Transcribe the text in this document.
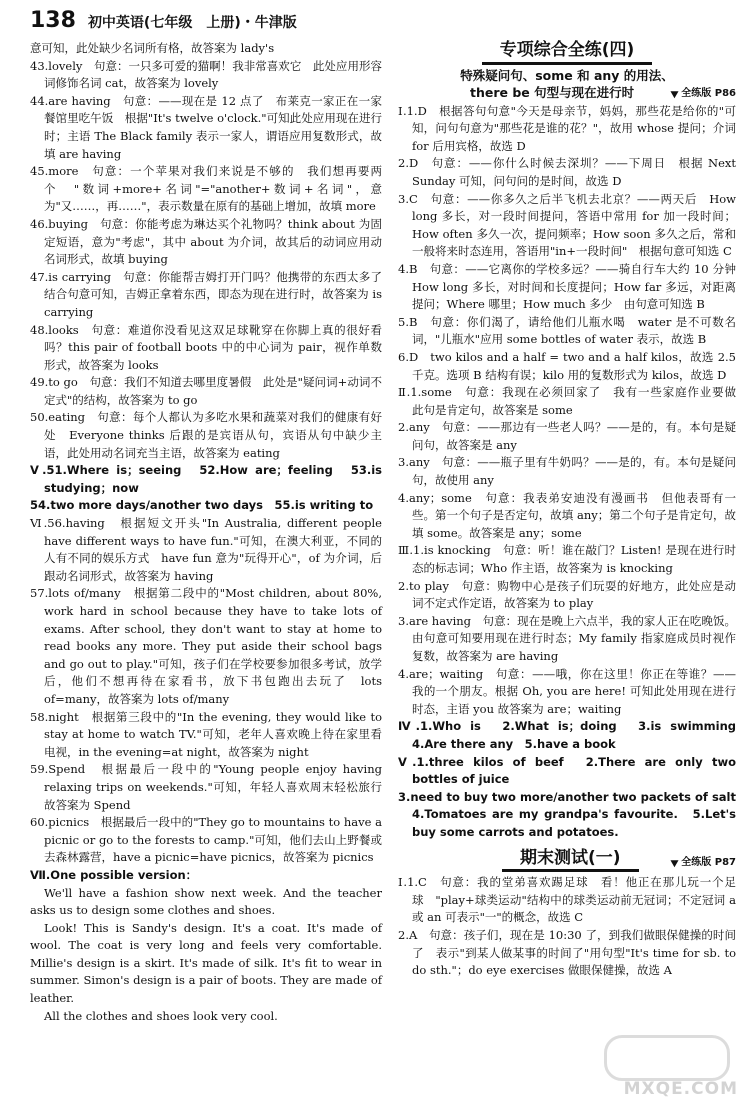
138 初中英语(七年级　上册)・牛津版

意可知，此处缺少名词所有格，故答案为 lady's

43.lovely　句意：一只多可爱的猫啊！我非常喜欢它　此处应用形容词修饰名词 cat，故答案为 lovely

44.are having　句意：——现在是 12 点了　布莱克一家正在一家餐馆里吃午饭　根据"It's twelve o'clock."可知此处应用现在进行时；主语 The Black family 表示一家人，谓语应用复数形式，故填 are having

45.more　句意：一个苹果对我们来说是不够的　我们想再要两个　"数词+more+名词"="another+数词+名词"，意为"又……，再……"，表示数量在原有的基础上增加，故填 more

46.buying　句意：你能考虑为琳达买个礼物吗？think about 为固定短语，意为"考虑"，其中 about 为介词，故其后的动词应用动名词形式，故填 buying

47.is carrying　句意：你能帮吉姆打开门吗？他携带的东西太多了　结合句意可知，吉姆正拿着东西，即态为现在进行时，故答案为 is carrying

48.looks　句意：难道你没看见这双足球靴穿在你脚上真的很好看吗？this pair of football boots 中的中心词为 pair，视作单数形式，故答案为 looks

49.to go　句意：我们不知道去哪里度暑假　此处是"疑问词+动词不定式"的结构，故答案为 to go

50.eating　句意：每个人都认为多吃水果和蔬菜对我们的健康有好处　Everyone thinks 后跟的是宾语从句，宾语从句中缺少主语，此处用动名词充当主语，故答案为 eating

Ⅴ.51.Where is；seeing　52.How are；feeling　53.is studying；now

54.two more days/another two days　55.is writing to

Ⅵ.56.having　根据短文开头"In Australia, different people have different ways to have fun."可知，在澳大利亚，不同的人有不同的娱乐方式　have fun 意为"玩得开心"，of 为介词，后跟动名词形式，故答案为 having

57.lots of/many　根据第二段中的"Most children, about 80%, work hard in school because they have to take lots of exams. After school, they don't want to stay at home to read books any more. They put aside their school bags and go out to play."可知，孩子们在学校要参加很多考试，放学后，他们不想再待在家看书，放下书包跑出去玩了　lots of=many，故答案为 lots of/many

58.night　根据第三段中的"In the evening, they would like to stay at home to watch TV."可知，老年人喜欢晚上待在家里看电视，in the evening=at night，故答案为 night

59.Spend　根据最后一段中的"Young people enjoy having relaxing trips on weekends."可知，年轻人喜欢周末轻松旅行　故答案为 Spend

60.picnics　根据最后一段中的"They go to mountains to have a picnic or go to the forests to camp."可知，他们去山上野餐或去森林露营，have a picnic=have picnics，故答案为 picnics

Ⅶ.One possible version：

We'll have a fashion show next week. And the teacher asks us to design some clothes and shoes.

Look! This is Sandy's design. It's a coat. It's made of wool. The coat is very long and feels very comfortable. Millie's design is a skirt. It's made of silk. It's fit to wear in summer. Simon's design is a pair of boots. They are made of leather.

All the clothes and shoes look very cool.

专项综合全练(四)
特殊疑问句、some 和 any 的用法、
there be 句型与现在进行时	全练版 P86

Ⅰ.1.D　根据答句句意"今天是母亲节，妈妈，那些花是给你的"可知，问句句意为"那些花是谁的花？"，故用 whose 提问；介词 for 后用宾格，故选 D

2.D　句意：——你什么时候去深圳？——下周日　根据 Next Sunday 可知，问句问的是时间，故选 D

3.C　句意：——你多久之后半飞机去北京？——两天后　How long 多长，对一段时间提问，答语中常用 for 加一段时间；How often 多久一次，提问频率；How soon 多久之后，常和一般将来时态连用，答语用"in+一段时间"　根据句意可知选 C

4.B　句意：——它离你的学校多远？——骑自行车大约 10 分钟　How long 多长，对时间和长度提问；How far 多远，对距离提问；Where 哪里；How much 多少　由句意可知选 B

5.B　句意：你们渴了，请给他们儿瓶水喝　water 是不可数名词，"儿瓶水"应用 some bottles of water 表示，故选 B

6.D　two kilos and a half = two and a half kilos，故选 2.5 千克。选项 B 结构有误；kilo 用的复数形式为 kilos，故选 D

Ⅱ.1.some　句意：我现在必须回家了　我有一些家庭作业要做　此句是肯定句，故答案是 some

2.any　句意：——那边有一些老人吗？——是的，有。本句是疑问句，故答案是 any

3.any　句意：——瓶子里有牛奶吗？——是的，有。本句是疑问句，故使用 any

4.any；some　句意：我表弟安迪没有漫画书　但他表哥有一些。第一个句子是否定句，故填 any；第二个句子是肯定句，故填 some。故答案是 any；some

Ⅲ.1.is knocking　句意：听！谁在敲门？Listen! 是现在进行时态的标志词；Who 作主语，故答案为 is knocking

2.to play　句意：购物中心是孩子们玩耍的好地方，此处应是动词不定式作定语，故答案为 to play

3.are having　句意：现在是晚上六点半，我的家人正在吃晚饭。由句意可知要用现在进行时态；My family 指家庭成员时视作复数，故答案为 are having

4.are；waiting　句意：——哦，你在这里！你正在等谁？——我的一个朋友。根据 Oh, you are here! 可知此处用现在进行时态，主语 you 故答案为 are；waiting

Ⅳ.1.Who is　2.What is；doing　3.is swimming　4.Are there any　5.have a book

Ⅴ.1.three kilos of beef　2.There are only two bottles of juice

3.need to buy two more/another two packets of salt　4.Tomatoes are my grandpa's favourite.　5.Let's buy some carrots and potatoes.

期末测试(一)	全练版 P87

Ⅰ.1.C　句意：我的堂弟喜欢踢足球　看！他正在那儿玩一个足球　"play+球类运动"结构中的球类运动前无冠词；不定冠词 a 或 an 可表示"一"的概念，故选 C

2.A　句意：孩子们，现在是 10:30 了，到我们做眼保健操的时间了　表示"到某人做某事的时间了"用句型"It's time for sb. to do sth."；do eye exercises 做眼保健操，故选 A

MXQE.COM
